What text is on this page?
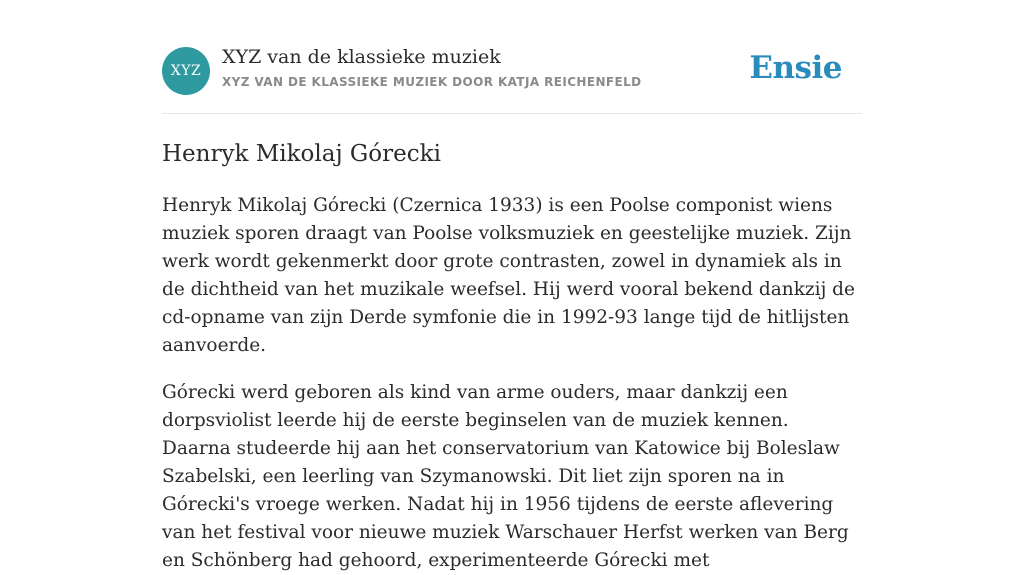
XYZ
XYZ van de klassieke muziek
XYZ VAN DE KLASSIEKE MUZIEK DOOR KATJA REICHENFELD	Ensie
Henryk Mikolaj Górecki

Henryk Mikolaj Górecki (Czernica 1933) is een Poolse componist wiens muziek sporen draagt van Poolse volksmuziek en geestelijke muziek. Zijn werk wordt gekenmerkt door grote contrasten, zowel in dynamiek als in de dichtheid van het muzikale weefsel. Hij werd vooral bekend dankzij de cd-opname van zijn Derde symfonie die in 1992-93 lange tijd de hitlijsten aanvoerde.

Górecki werd geboren als kind van arme ouders, maar dankzij een dorpsviolist leerde hij de eerste beginselen van de muziek kennen. Daarna studeerde hij aan het conservatorium van Katowice bij Boleslaw Szabelski, een leerling van Szymanowski. Dit liet zijn sporen na in Górecki's vroege werken. Nadat hij in 1956 tijdens de eerste aflevering van het festival voor nieuwe muziek Warschauer Herfst werken van Berg en Schönberg had gehoord, experimenteerde Górecki met
